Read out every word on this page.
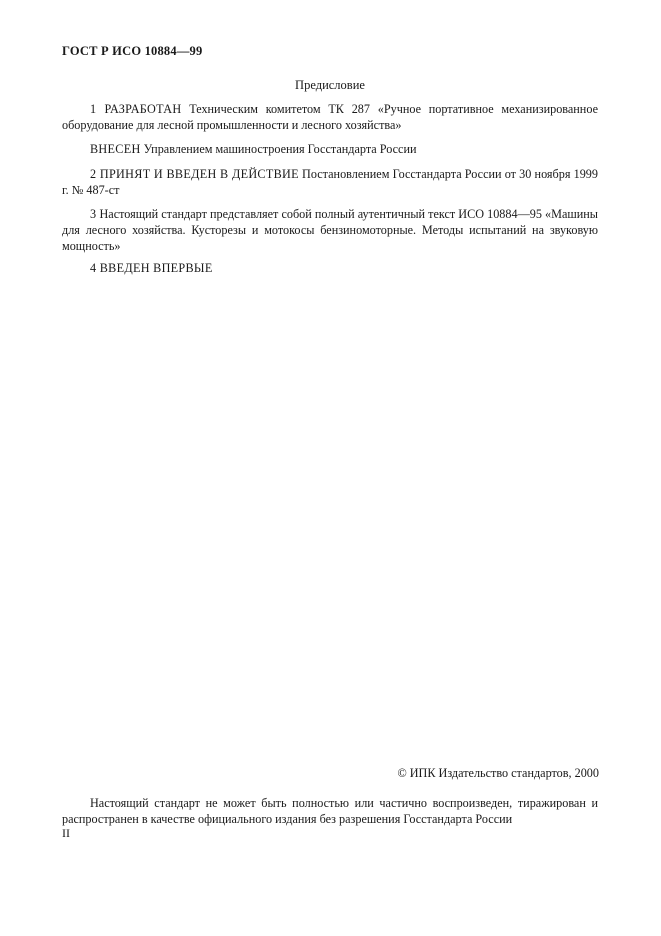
ГОСТ Р ИСО 10884—99
Предисловие
1 РАЗРАБОТАН Техническим комитетом ТК 287 «Ручное портативное механизированное оборудование для лесной промышленности и лесного хозяйства»
ВНЕСЕН Управлением машиностроения Госстандарта России
2 ПРИНЯТ И ВВЕДЕН В ДЕЙСТВИЕ Постановлением Госстандарта России от 30 ноября 1999 г. № 487-ст
3 Настоящий стандарт представляет собой полный аутентичный текст ИСО 10884—95 «Машины для лесного хозяйства. Кусторезы и мотокосы бензиномоторные. Методы испытаний на звуковую мощность»
4 ВВЕДЕН ВПЕРВЫЕ
© ИПК Издательство стандартов, 2000
Настоящий стандарт не может быть полностью или частично воспроизведен, тиражирован и распространен в качестве официального издания без разрешения Госстандарта России
II
